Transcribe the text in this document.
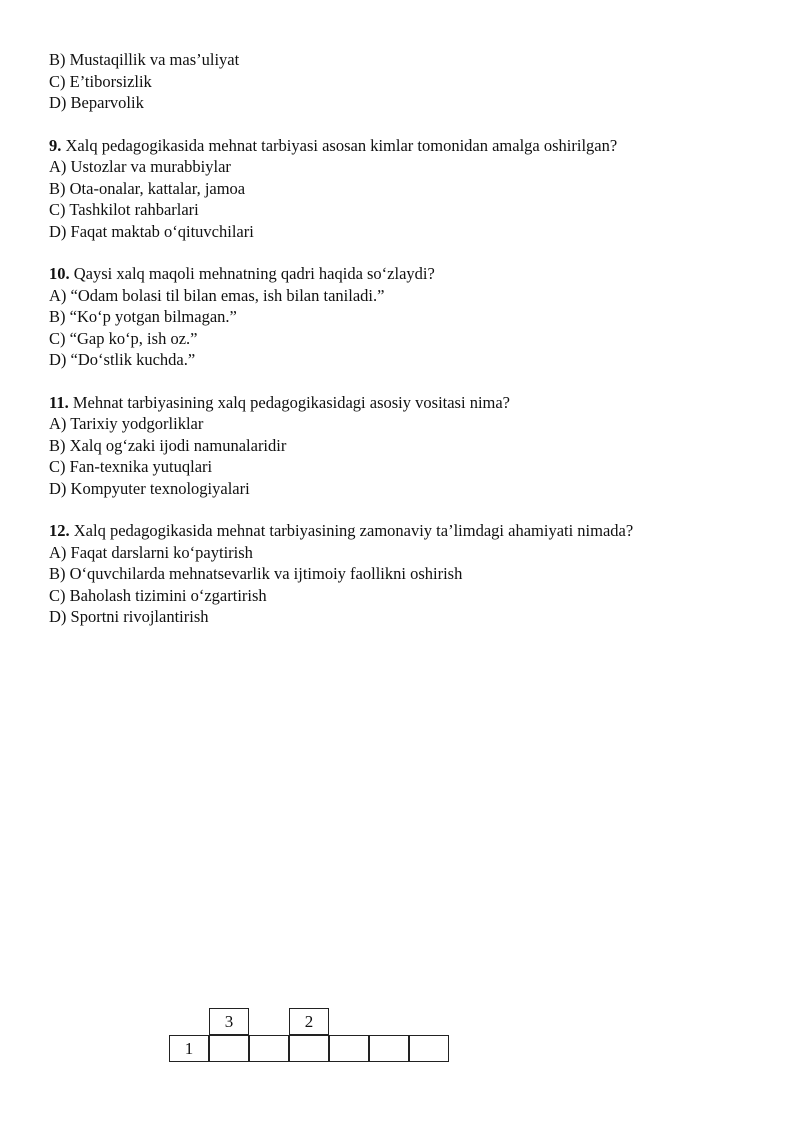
B) Mustaqillik va mas’uliyat
C) E’tiborsizlik
D) Beparvolik
9. Xalq pedagogikasida mehnat tarbiyasi asosan kimlar tomonidan amalga oshirilgan?
A) Ustozlar va murabbiylar
B) Ota-onalar, kattalar, jamoa
C) Tashkilot rahbarlari
D) Faqat maktab o‘qituvchilari
10. Qaysi xalq maqoli mehnatning qadri haqida so‘zlaydi?
A) “Odam bolasi til bilan emas, ish bilan taniladi.”
B) “Ko‘p yotgan bilmagan.”
C) “Gap ko‘p, ish oz.”
D) “Do‘stlik kuchda.”
11. Mehnat tarbiyasining xalq pedagogikasidagi asosiy vositasi nima?
A) Tarixiy yodgorliklar
B) Xalq og‘zaki ijodi namunalaridir
C) Fan-texnika yutuqlari
D) Kompyuter texnologiyalari
12. Xalq pedagogikasida mehnat tarbiyasining zamonaviy ta’limdagi ahamiyati nimada?
A) Faqat darslarni ko‘paytirish
B) O‘quvchilarda mehnatsevarlik va ijtimoiy faollikni oshirish
C) Baholash tizimini o‘zgartirish
D) Sportni rivojlantirish
3	2
1
